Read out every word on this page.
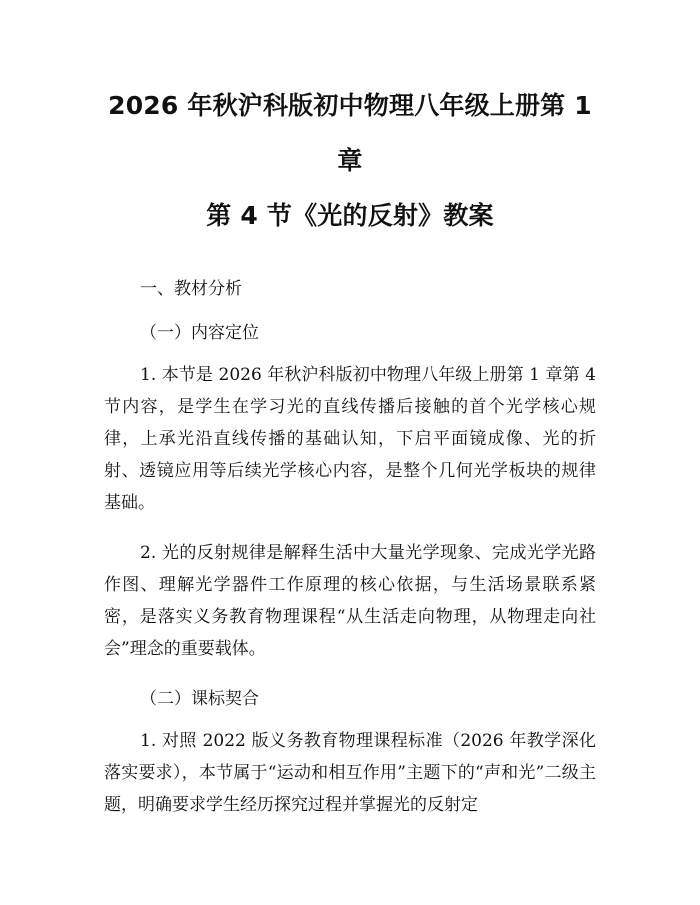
2026 年秋沪科版初中物理八年级上册第 1 章
第 4 节《光的反射》教案
一、教材分析
（一）内容定位

1. 本节是 2026 年秋沪科版初中物理八年级上册第 1 章第 4 节内容，是学生在学习光的直线传播后接触的首个光学核心规律，上承光沿直线传播的基础认知，下启平面镜成像、光的折射、透镜应用等后续光学核心内容，是整个几何光学板块的规律基础。

2. 光的反射规律是解释生活中大量光学现象、完成光学光路作图、理解光学器件工作原理的核心依据，与生活场景联系紧密，是落实义务教育物理课程“从生活走向物理，从物理走向社会”理念的重要载体。

（二）课标契合

1. 对照 2022 版义务教育物理课程标准（2026 年教学深化落实要求），本节属于“运动和相互作用”主题下的“声和光”二级主题，明确要求学生经历探究过程并掌握光的反射定
